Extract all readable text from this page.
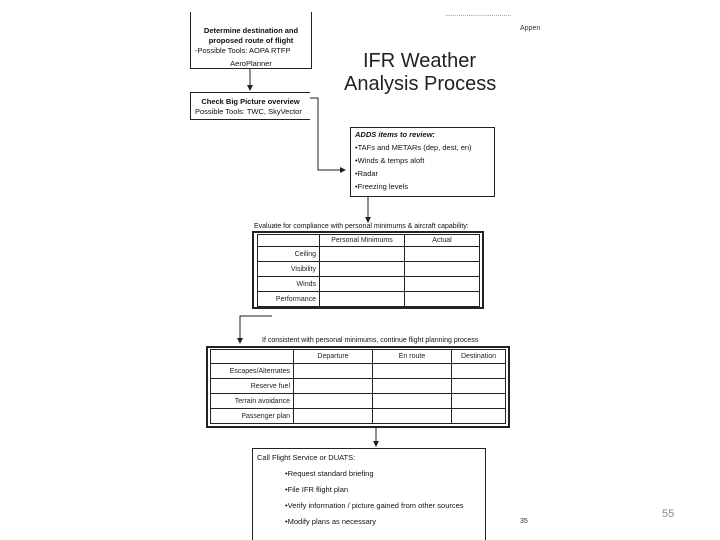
..................................
Appen
IFR Weather
Analysis Process
Determine destination and
proposed route of flight
-Possible Tools: AOPA RTFP
AeroPlanner
Check Big Picture overview
Possible Tools: TWC, SkyVector
ADDS items to review:
•TAFs and METARs (dep, dest, en)
•Winds & temps aloft
•Radar
•Freezing levels
Evaluate for compliance with personal minimums & aircraft capability:
	Personal Minimums	Actual
Ceiling		
Visibility		
Winds		
Performance		
If consistent with personal minimums, continue flight planning process
	Departure	En route	Destination
Escapes/Alternates			
Reserve fuel			
Terrain avoidance			
Passenger plan			
Call Flight Service or DUATS:
•Request standard briefing
•File IFR flight plan
•Verify information / picture gained from other sources
•Modify plans as necessary	35
55
